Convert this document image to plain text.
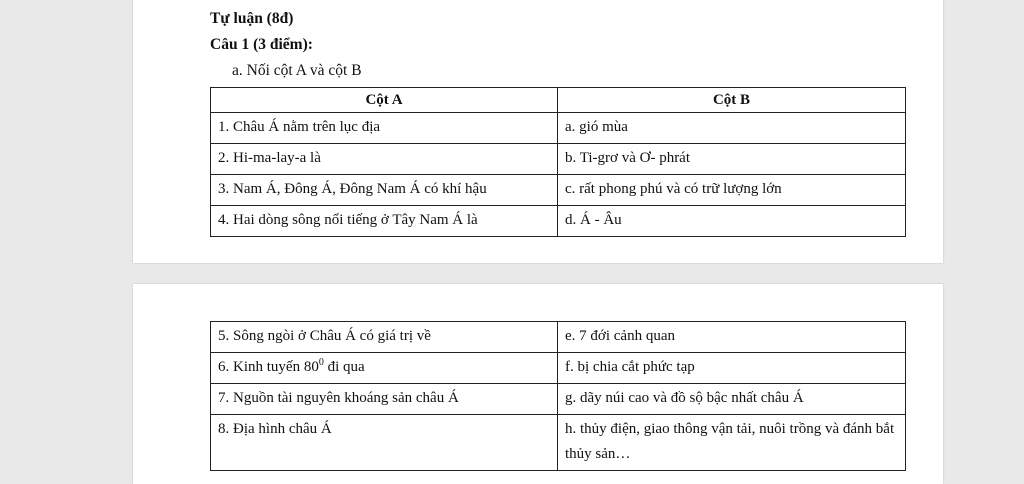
Tự luận (8đ)
Câu 1 (3 điểm):
a. Nối cột A và cột B
Cột A	Cột B
1. Châu Á nằm trên lục địa	a. gió mùa
2. Hi-ma-lay-a là	b. Ti-grơ và Ơ- phrát
3. Nam Á, Đông Á, Đông Nam Á có khí hậu	c. rất phong phú và có trữ lượng lớn
4. Hai dòng sông nổi tiếng ở Tây Nam Á là	d. Á - Âu
5. Sông ngòi ở Châu Á có giá trị về	e. 7 đới cảnh quan
6. Kinh tuyến $80^0$ đi qua	f. bị chia cắt phức tạp
7. Nguồn tài nguyên khoáng sản châu Á	g. dãy núi cao và đồ sộ bậc nhất châu Á
8. Địa hình châu Á	h. thủy điện, giao thông vận tải, nuôi trồng và đánh bắt thủy sản…
